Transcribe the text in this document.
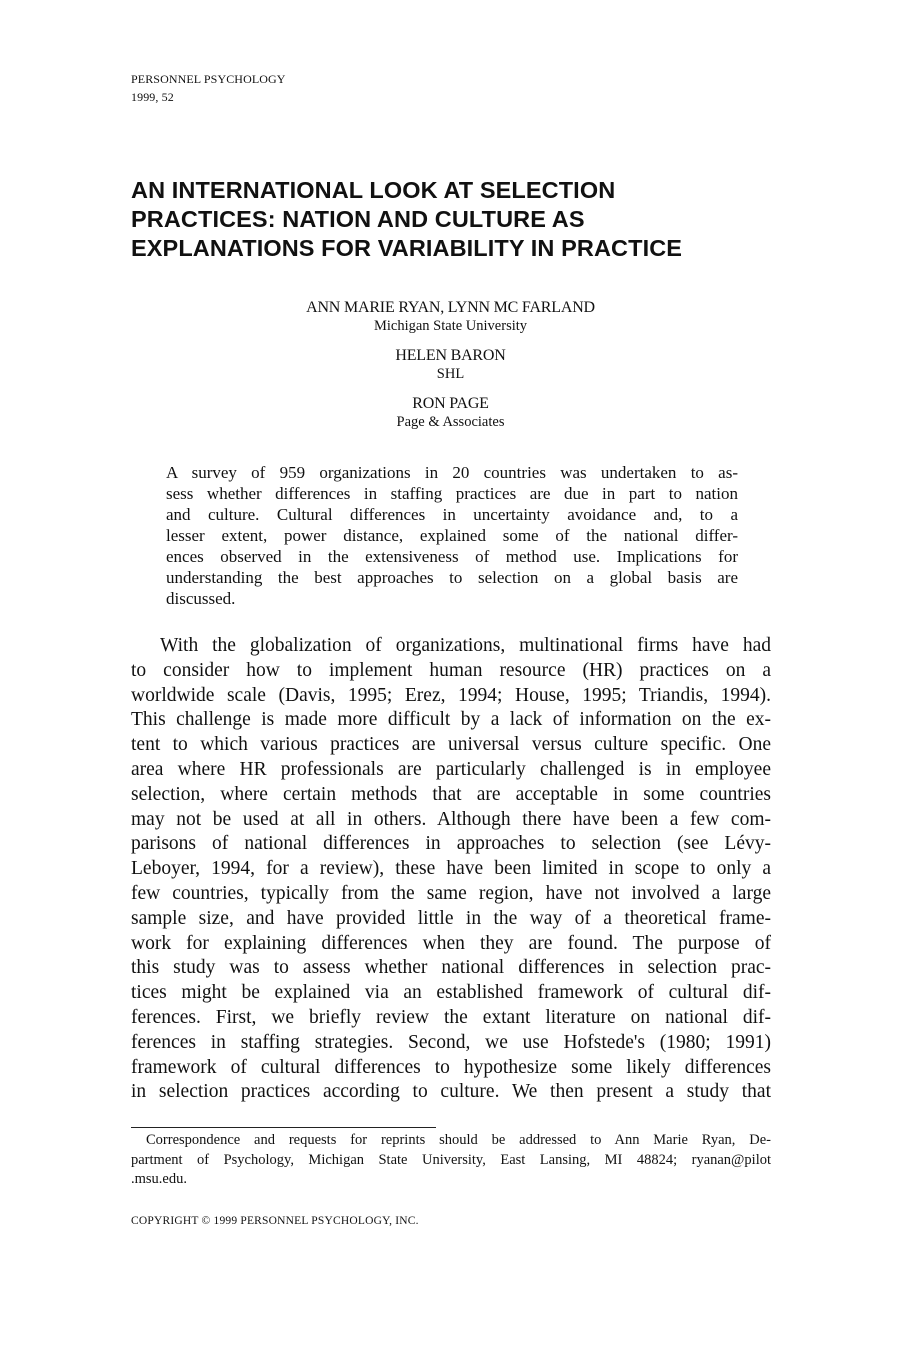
PERSONNEL PSYCHOLOGY
1999, 52
AN INTERNATIONAL LOOK AT SELECTION
PRACTICES: NATION AND CULTURE AS
EXPLANATIONS FOR VARIABILITY IN PRACTICE
ANN MARIE RYAN, LYNN MC FARLAND
Michigan State University
HELEN BARON
SHL
RON PAGE
Page & Associates
A survey of 959 organizations in 20 countries was undertaken to as-
sess whether differences in staffing practices are due in part to nation
and culture. Cultural differences in uncertainty avoidance and, to a
lesser extent, power distance, explained some of the national differ-
ences observed in the extensiveness of method use. Implications for
understanding the best approaches to selection on a global basis are
discussed.
With the globalization of organizations, multinational firms have had
to consider how to implement human resource (HR) practices on a
worldwide scale (Davis, 1995; Erez, 1994; House, 1995; Triandis, 1994).
This challenge is made more difficult by a lack of information on the ex-
tent to which various practices are universal versus culture specific. One
area where HR professionals are particularly challenged is in employee
selection, where certain methods that are acceptable in some countries
may not be used at all in others. Although there have been a few com-
parisons of national differences in approaches to selection (see Lévy-
Leboyer, 1994, for a review), these have been limited in scope to only a
few countries, typically from the same region, have not involved a large
sample size, and have provided little in the way of a theoretical frame-
work for explaining differences when they are found. The purpose of
this study was to assess whether national differences in selection prac-
tices might be explained via an established framework of cultural dif-
ferences. First, we briefly review the extant literature on national dif-
ferences in staffing strategies. Second, we use Hofstede's (1980; 1991)
framework of cultural differences to hypothesize some likely differences
in selection practices according to culture. We then present a study that
Correspondence and requests for reprints should be addressed to Ann Marie Ryan, De-
partment of Psychology, Michigan State University, East Lansing, MI 48824; ryanan@pilot
.msu.edu.
COPYRIGHT © 1999 PERSONNEL PSYCHOLOGY, INC.
